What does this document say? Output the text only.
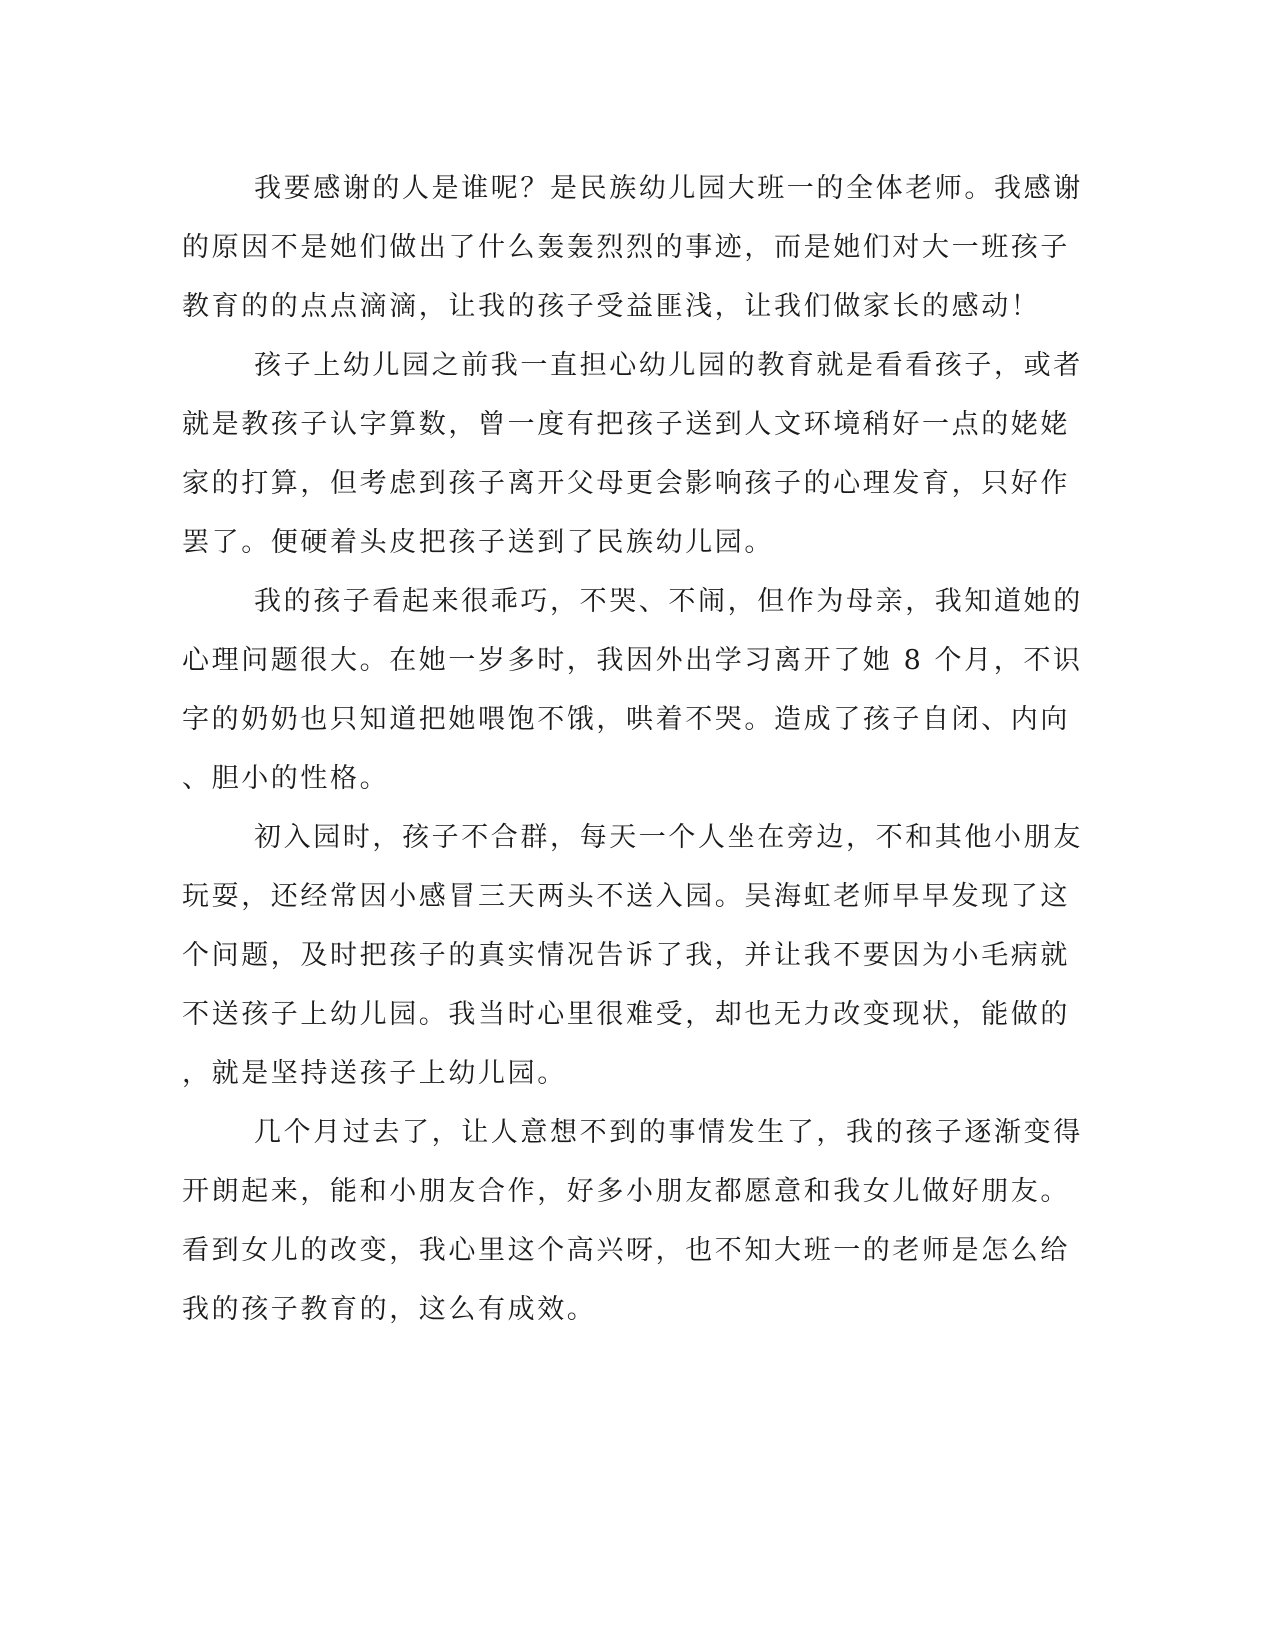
我要感谢的人是谁呢？是民族幼儿园大班一的全体老师。我感谢
的原因不是她们做出了什么轰轰烈烈的事迹，而是她们对大一班孩子
教育的的点点滴滴，让我的孩子受益匪浅，让我们做家长的感动！
孩子上幼儿园之前我一直担心幼儿园的教育就是看看孩子，或者
就是教孩子认字算数，曾一度有把孩子送到人文环境稍好一点的姥姥
家的打算，但考虑到孩子离开父母更会影响孩子的心理发育，只好作
罢了。便硬着头皮把孩子送到了民族幼儿园。
我的孩子看起来很乖巧，不哭、不闹，但作为母亲，我知道她的
心理问题很大。在她一岁多时，我因外出学习离开了她 8 个月，不识
字的奶奶也只知道把她喂饱不饿，哄着不哭。造成了孩子自闭、内向
、胆小的性格。
初入园时，孩子不合群，每天一个人坐在旁边，不和其他小朋友
玩耍，还经常因小感冒三天两头不送入园。吴海虹老师早早发现了这
个问题，及时把孩子的真实情况告诉了我，并让我不要因为小毛病就
不送孩子上幼儿园。我当时心里很难受，却也无力改变现状，能做的
，就是坚持送孩子上幼儿园。
几个月过去了，让人意想不到的事情发生了，我的孩子逐渐变得
开朗起来，能和小朋友合作，好多小朋友都愿意和我女儿做好朋友。
看到女儿的改变，我心里这个高兴呀，也不知大班一的老师是怎么给
我的孩子教育的，这么有成效。
